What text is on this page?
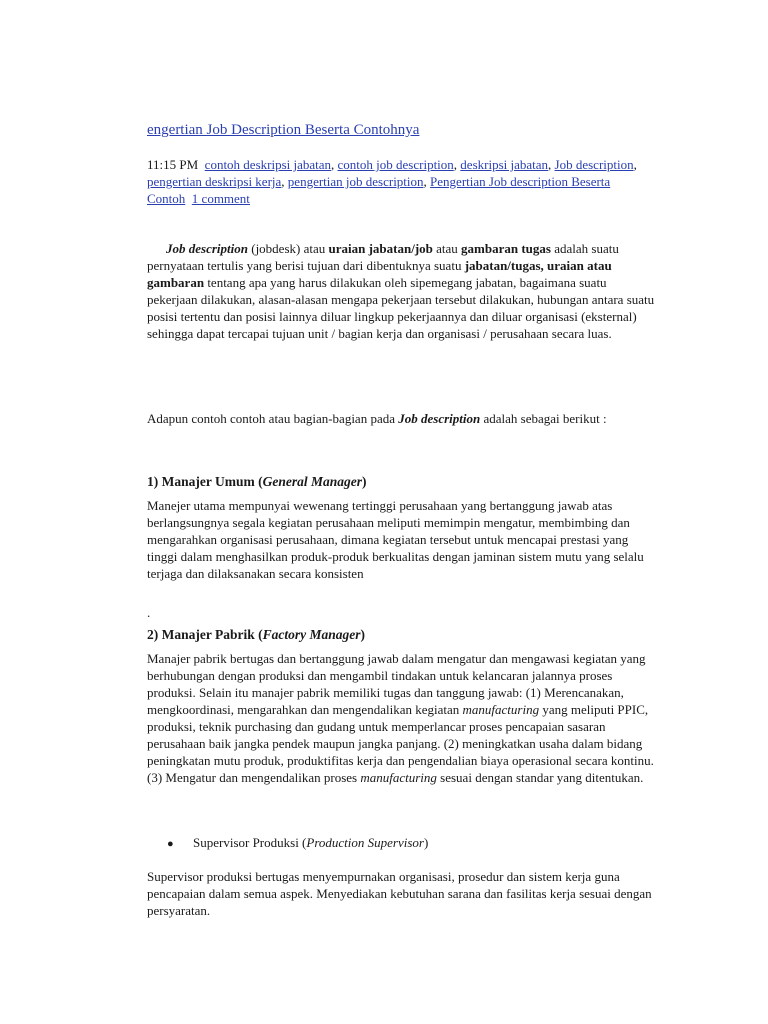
engertian Job Description Beserta Contohnya
11:15 PM contoh deskripsi jabatan, contoh job description, deskripsi jabatan, Job description, pengertian deskripsi kerja, pengertian job description, Pengertian Job description Beserta Contoh 1 comment
Job description (jobdesk) atau uraian jabatan/job atau gambaran tugas adalah suatu pernyataan tertulis yang berisi tujuan dari dibentuknya suatu jabatan/tugas, uraian atau gambaran tentang apa yang harus dilakukan oleh sipemegang jabatan, bagaimana suatu pekerjaan dilakukan, alasan-alasan mengapa pekerjaan tersebut dilakukan, hubungan antara suatu posisi tertentu dan posisi lainnya diluar lingkup pekerjaannya dan diluar organisasi (eksternal) sehingga dapat tercapai tujuan unit / bagian kerja dan organisasi / perusahaan secara luas.
Adapun contoh contoh atau bagian-bagian pada Job description adalah sebagai berikut :
1) Manajer Umum (General Manager)
Manejer utama mempunyai wewenang tertinggi perusahaan yang bertanggung jawab atas berlangsungnya segala kegiatan perusahaan meliputi memimpin mengatur, membimbing dan mengarahkan organisasi perusahaan, dimana kegiatan tersebut untuk mencapai prestasi yang tinggi dalam menghasilkan produk-produk berkualitas dengan jaminan sistem mutu yang selalu terjaga dan dilaksanakan secara konsisten
.
2) Manajer Pabrik (Factory Manager)
Manajer pabrik bertugas dan bertanggung jawab dalam mengatur dan mengawasi kegiatan yang berhubungan dengan produksi dan mengambil tindakan untuk kelancaran jalannya proses produksi. Selain itu manajer pabrik memiliki tugas dan tanggung jawab: (1) Merencanakan, mengkoordinasi, mengarahkan dan mengendalikan kegiatan manufacturing yang meliputi PPIC, produksi, teknik purchasing dan gudang untuk memperlancar proses pencapaian sasaran perusahaan baik jangka pendek maupun jangka panjang. (2) meningkatkan usaha dalam bidang peningkatan mutu produk, produktifitas kerja dan pengendalian biaya operasional secara kontinu. (3) Mengatur dan mengendalikan proses manufacturing sesuai dengan standar yang ditentukan.
● Supervisor Produksi (Production Supervisor)
Supervisor produksi bertugas menyempurnakan organisasi, prosedur dan sistem kerja guna pencapaian dalam semua aspek. Menyediakan kebutuhan sarana dan fasilitas kerja sesuai dengan persyaratan.
